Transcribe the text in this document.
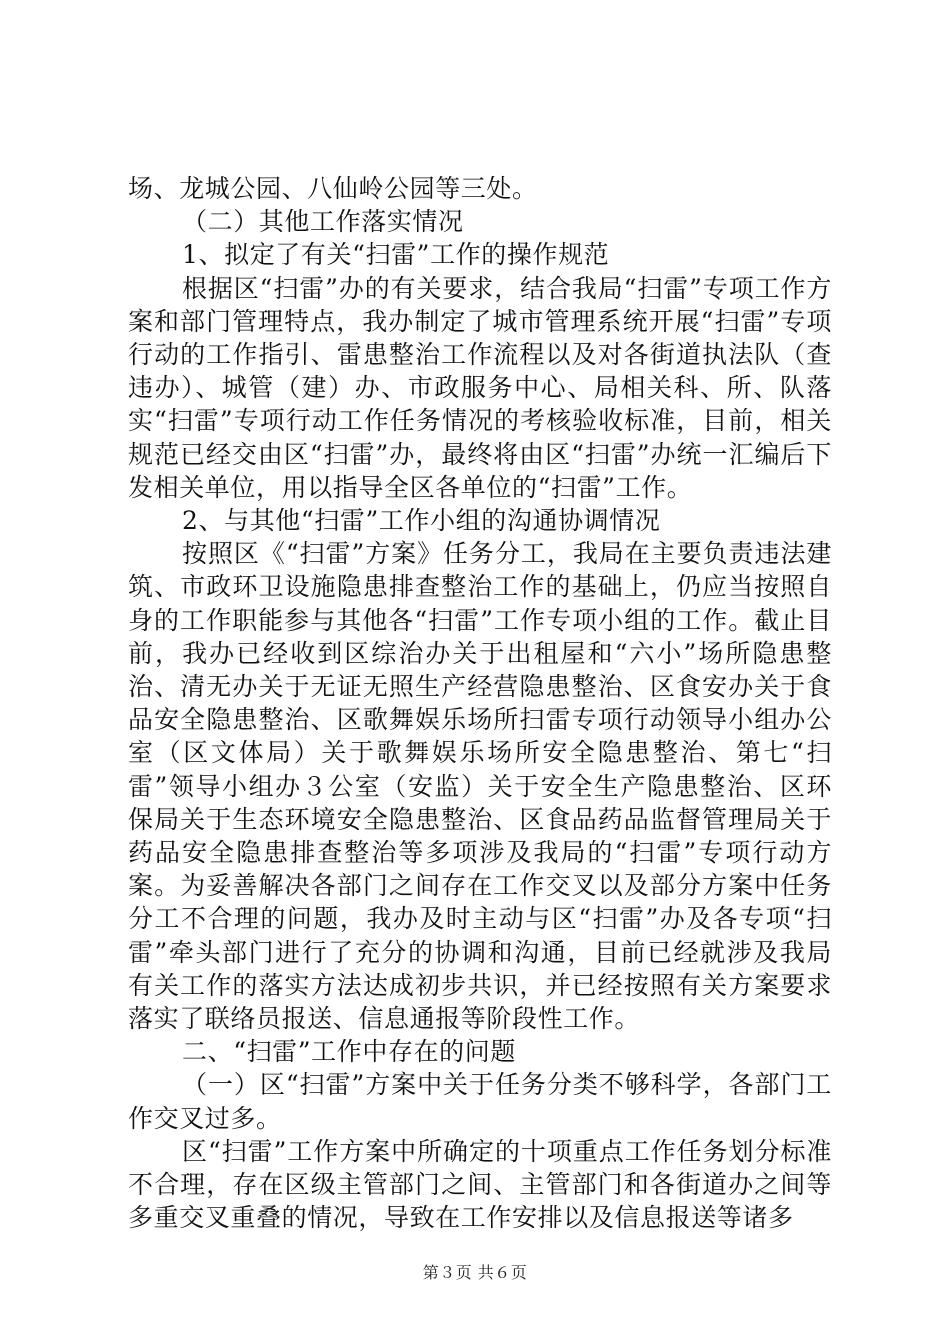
场、龙城公园、八仙岭公园等三处。

（二）其他工作落实情况

1、拟定了有关“扫雷”工作的操作规范

根据区“扫雷”办的有关要求，结合我局“扫雷”专项工作方案和部门管理特点，我办制定了城市管理系统开展“扫雷”专项行动的工作指引、雷患整治工作流程以及对各街道执法队（查违办）、城管（建）办、市政服务中心、局相关科、所、队落实“扫雷”专项行动工作任务情况的考核验收标准，目前，相关规范已经交由区“扫雷”办，最终将由区“扫雷”办统一汇编后下发相关单位，用以指导全区各单位的“扫雷”工作。

2、与其他“扫雷”工作小组的沟通协调情况

按照区《“扫雷”方案》任务分工，我局在主要负责违法建筑、市政环卫设施隐患排查整治工作的基础上，仍应当按照自身的工作职能参与其他各“扫雷”工作专项小组的工作。截止目前，我办已经收到区综治办关于出租屋和“六小”场所隐患整治、清无办关于无证无照生产经营隐患整治、区食安办关于食品安全隐患整治、区歌舞娱乐场所扫雷专项行动领导小组办公室（区文体局）关于歌舞娱乐场所安全隐患整治、第七“扫雷”领导小组办３公室（安监）关于安全生产隐患整治、区环保局关于生态环境安全隐患整治、区食品药品监督管理局关于药品安全隐患排查整治等多项涉及我局的“扫雷”专项行动方案。为妥善解决各部门之间存在工作交叉以及部分方案中任务分工不合理的问题，我办及时主动与区“扫雷”办及各专项“扫雷”牵头部门进行了充分的协调和沟通，目前已经就涉及我局有关工作的落实方法达成初步共识，并已经按照有关方案要求落实了联络员报送、信息通报等阶段性工作。

二、“扫雷”工作中存在的问题

（一）区“扫雷”方案中关于任务分类不够科学，各部门工作交叉过多。

区“扫雷”工作方案中所确定的十项重点工作任务划分标准不合理，存在区级主管部门之间、主管部门和各街道办之间等多重交叉重叠的情况，导致在工作安排以及信息报送等诸多

第３页 共６页
